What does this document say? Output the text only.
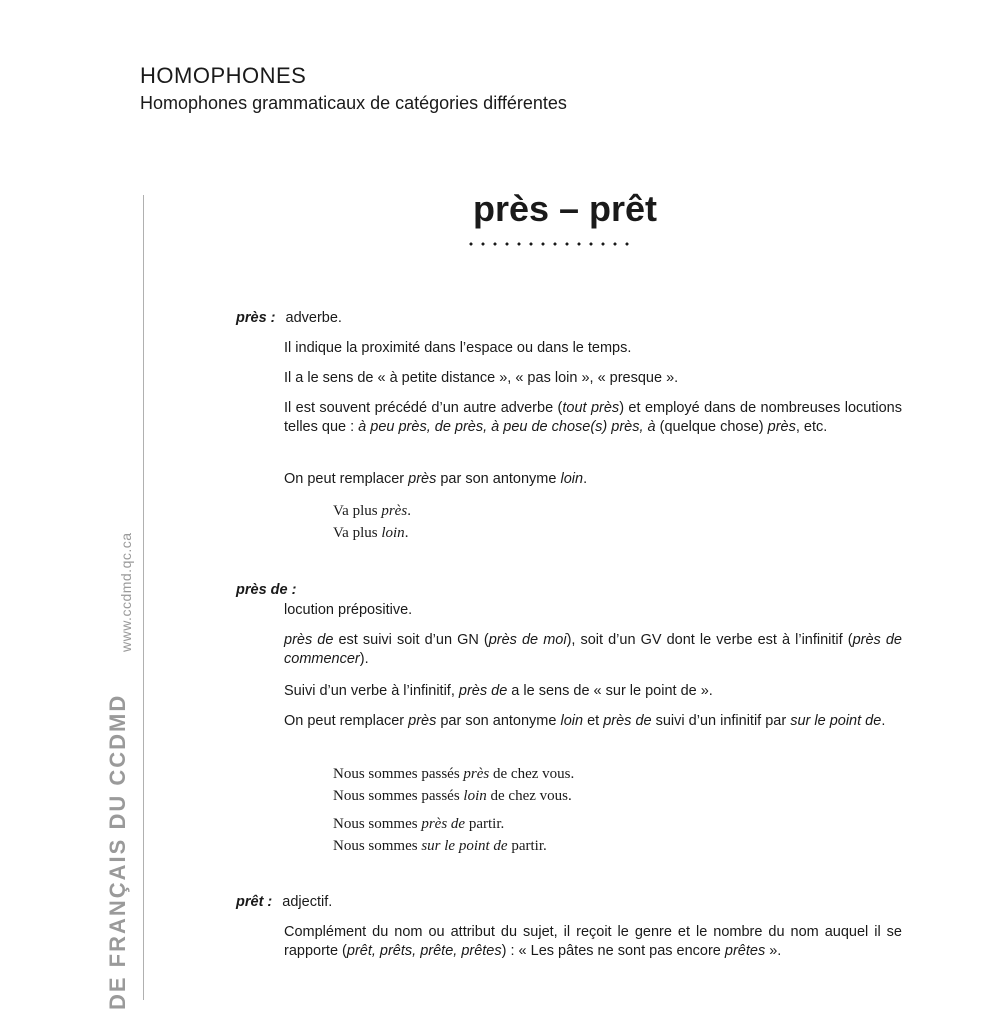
HOMOPHONES
Homophones grammaticaux de catégories différentes
www.ccdmd.qc.ca
DE FRANÇAIS DU CCDMD
près – prêt
près : adverbe.
Il indique la proximité dans l’espace ou dans le temps.
Il a le sens de « à petite distance », « pas loin », « presque ».
Il est souvent précédé d’un autre adverbe (tout près) et employé dans de nombreuses locutions telles que : à peu près, de près, à peu de chose(s) près, à (quelque chose) près, etc.
On peut remplacer près par son antonyme loin.
Va plus près.
Va plus loin.
près de :
locution prépositive.
près de est suivi soit d’un GN (près de moi), soit d’un GV dont le verbe est à l’infinitif (près de commencer).
Suivi d’un verbe à l’infinitif, près de a le sens de « sur le point de ».
On peut remplacer près par son antonyme loin et près de suivi d’un infinitif par sur le point de.
Nous sommes passés près de chez vous.
Nous sommes passés loin de chez vous.
Nous sommes près de partir.
Nous sommes sur le point de partir.
prêt : adjectif.
Complément du nom ou attribut du sujet, il reçoit le genre et le nombre du nom auquel il se rapporte (prêt, prêts, prête, prêtes) : « Les pâtes ne sont pas encore prêtes ».
